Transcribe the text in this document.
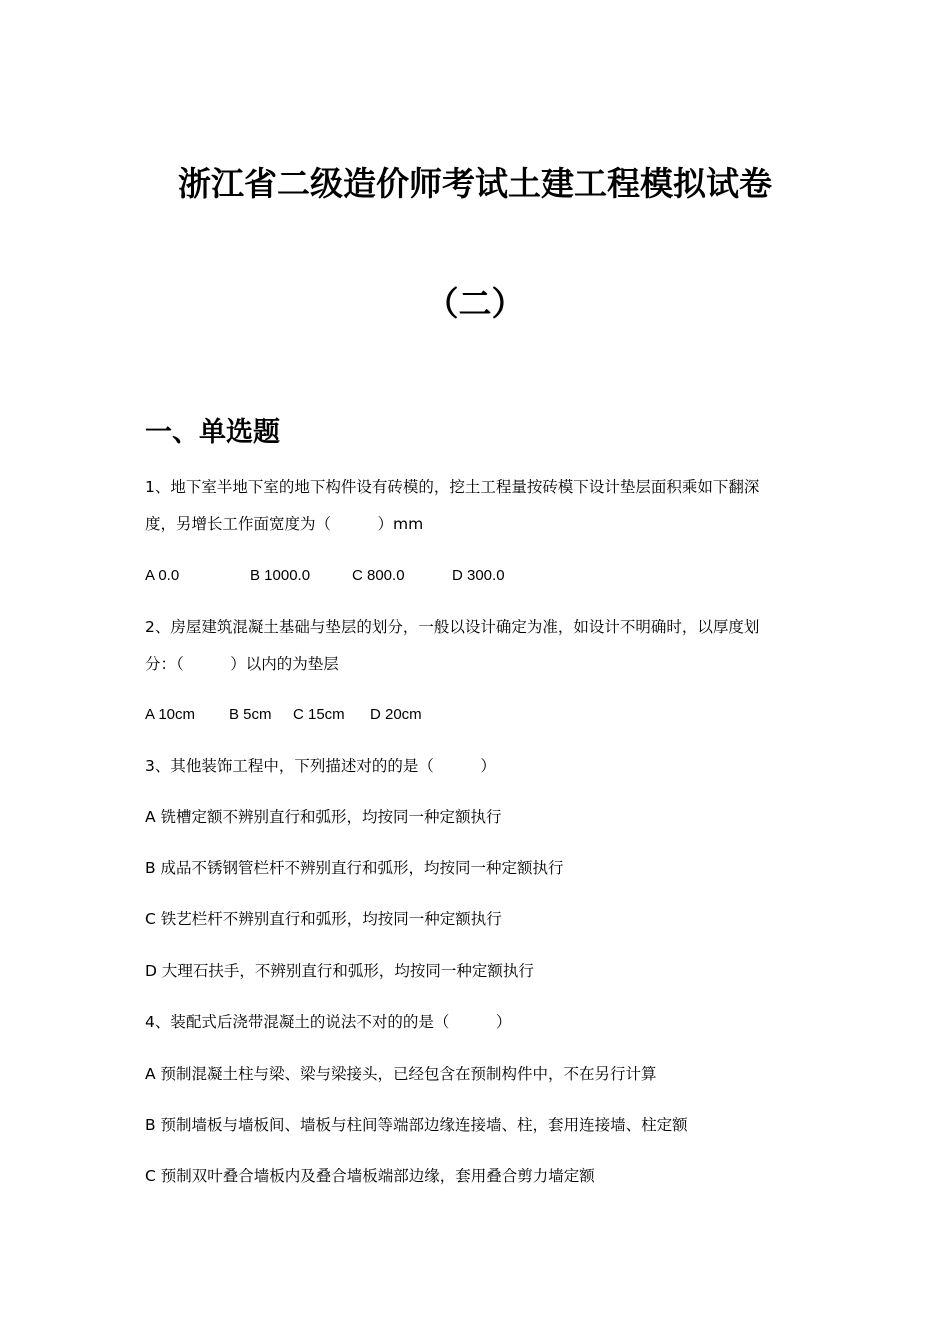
浙江省二级造价师考试土建工程模拟试卷
（二）
一、单选题
1、地下室半地下室的地下构件设有砖模的，挖土工程量按砖模下设计垫层面积乘如下翻深
度，另增长工作面宽度为（　　　）mm
A 0.0	B 1000.0	C 800.0	D 300.0
2、房屋建筑混凝土基础与垫层的划分，一般以设计确定为准，如设计不明确时，以厚度划
分：（　　　）以内的为垫层
A 10cm B 5cm C 15cm D 20cm
3、其他装饰工程中，下列描述对的的是（　　　）
A 铣槽定额不辨别直行和弧形，均按同一种定额执行
B 成品不锈钢管栏杆不辨别直行和弧形，均按同一种定额执行
C 铁艺栏杆不辨别直行和弧形，均按同一种定额执行
D 大理石扶手，不辨别直行和弧形，均按同一种定额执行
4、装配式后浇带混凝土的说法不对的的是（　　　）
A 预制混凝土柱与梁、梁与梁接头，已经包含在预制构件中，不在另行计算
B 预制墙板与墙板间、墙板与柱间等端部边缘连接墙、柱，套用连接墙、柱定额
C 预制双叶叠合墙板内及叠合墙板端部边缘，套用叠合剪力墙定额
